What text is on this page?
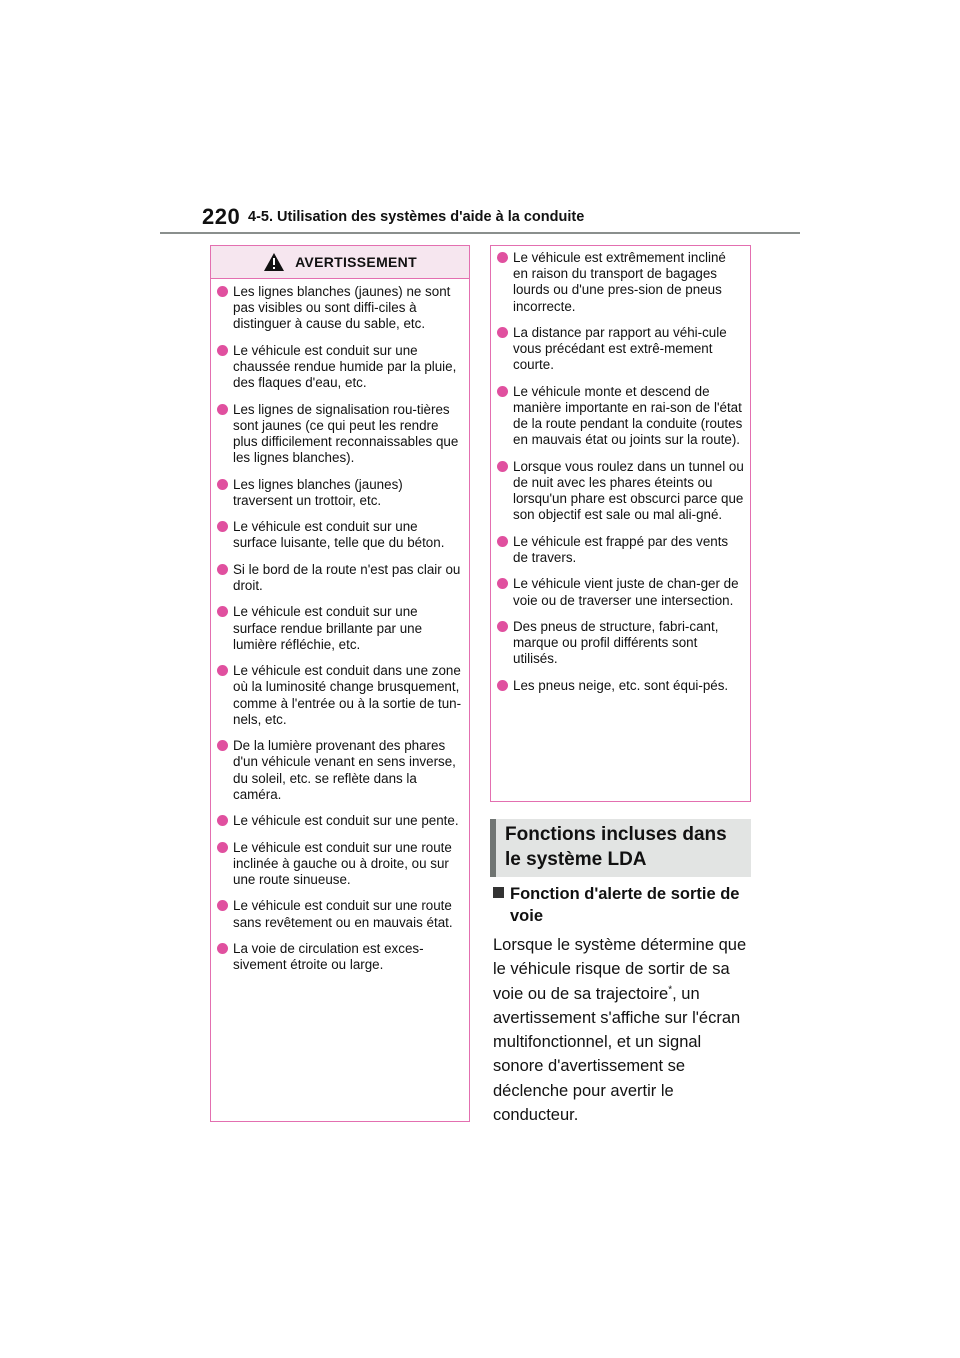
220 4-5. Utilisation des systèmes d'aide à la conduite
AVERTISSEMENT
Les lignes blanches (jaunes) ne sont pas visibles ou sont diffi-ciles à distinguer à cause du sable, etc.
Le véhicule est conduit sur une chaussée rendue humide par la pluie, des flaques d'eau, etc.
Les lignes de signalisation rou-tières sont jaunes (ce qui peut les rendre plus difficilement reconnaissables que les lignes blanches).
Les lignes blanches (jaunes) traversent un trottoir, etc.
Le véhicule est conduit sur une surface luisante, telle que du béton.
Si le bord de la route n'est pas clair ou droit.
Le véhicule est conduit sur une surface rendue brillante par une lumière réfléchie, etc.
Le véhicule est conduit dans une zone où la luminosité change brusquement, comme à l'entrée ou à la sortie de tun-nels, etc.
De la lumière provenant des phares d'un véhicule venant en sens inverse, du soleil, etc. se reflète dans la caméra.
Le véhicule est conduit sur une pente.
Le véhicule est conduit sur une route inclinée à gauche ou à droite, ou sur une route sinueuse.
Le véhicule est conduit sur une route sans revêtement ou en mauvais état.
La voie de circulation est exces-sivement étroite ou large.
Le véhicule est extrêmement incliné en raison du transport de bagages lourds ou d'une pres-sion de pneus incorrecte.
La distance par rapport au véhi-cule vous précédant est extrê-mement courte.
Le véhicule monte et descend de manière importante en rai-son de l'état de la route pendant la conduite (routes en mauvais état ou joints sur la route).
Lorsque vous roulez dans un tunnel ou de nuit avec les phares éteints ou lorsqu'un phare est obscurci parce que son objectif est sale ou mal ali-gné.
Le véhicule est frappé par des vents de travers.
Le véhicule vient juste de chan-ger de voie ou de traverser une intersection.
Des pneus de structure, fabri-cant, marque ou profil différents sont utilisés.
Les pneus neige, etc. sont équi-pés.
Fonctions incluses dans
le système LDA
Fonction d'alerte de sortie de voie

Lorsque le système détermine que le véhicule risque de sortir de sa voie ou de sa trajectoire*, un avertissement s'affiche sur l'écran multifonctionnel, et un signal sonore d'avertissement se déclenche pour avertir le conducteur.
